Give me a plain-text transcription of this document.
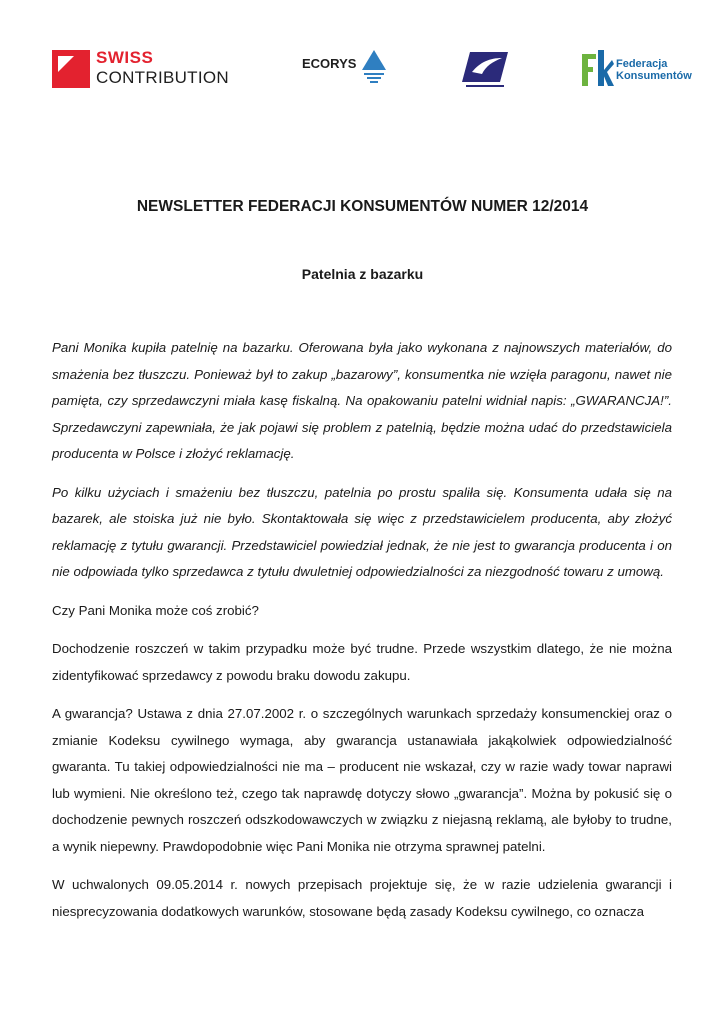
SWISS
CONTRIBUTION
ECORYS	Federacja
Konsumentów
NEWSLETTER FEDERACJI KONSUMENTÓW NUMER 12/2014
Patelnia z bazarku

Pani Monika kupiła patelnię na bazarku. Oferowana była jako wykonana z najnowszych materiałów, do smażenia bez tłuszczu. Ponieważ był to zakup „bazarowy”, konsumentka nie wzięła paragonu, nawet nie pamięta, czy sprzedawczyni miała kasę fiskalną. Na opakowaniu patelni widniał napis: „GWARANCJA!”. Sprzedawczyni zapewniała, że jak pojawi się problem z patelnią, będzie można udać do przedstawiciela producenta w Polsce i złożyć reklamację.

Po kilku użyciach i smażeniu bez tłuszczu, patelnia po prostu spaliła się. Konsumenta udała się na bazarek, ale stoiska już nie było. Skontaktowała się więc z przedstawicielem producenta, aby złożyć reklamację z tytułu gwarancji. Przedstawiciel powiedział jednak, że nie jest to gwarancja producenta i on nie odpowiada tylko sprzedawca z tytułu dwuletniej odpowiedzialności za niezgodność towaru z umową.

Czy Pani Monika może coś zrobić?

Dochodzenie roszczeń w takim przypadku może być trudne. Przede wszystkim dlatego, że nie można zidentyfikować sprzedawcy z powodu braku dowodu zakupu.

A gwarancja? Ustawa z dnia 27.07.2002 r. o szczególnych warunkach sprzedaży konsumenckiej oraz o zmianie Kodeksu cywilnego wymaga, aby gwarancja ustanawiała jakąkolwiek odpowiedzialność gwaranta. Tu takiej odpowiedzialności nie ma – producent nie wskazał, czy w razie wady towar naprawi lub wymieni. Nie określono też, czego tak naprawdę dotyczy słowo „gwarancja”. Można by pokusić się o dochodzenie pewnych roszczeń odszkodowawczych w związku z niejasną reklamą, ale byłoby to trudne, a wynik niepewny. Prawdopodobnie więc Pani Monika nie otrzyma sprawnej patelni.

W uchwalonych 09.05.2014 r. nowych przepisach projektuje się, że w razie udzielenia gwarancji i niesprecyzowania dodatkowych warunków, stosowane będą zasady Kodeksu cywilnego, co oznacza
